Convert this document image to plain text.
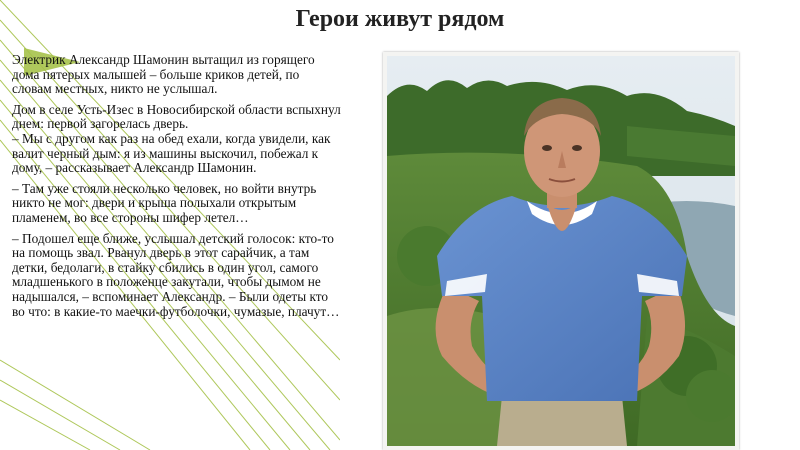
Герои живут рядом

Электрик Александр Шамонин вытащил из горящего дома пятерых малышей – больше криков детей, по словам местных, никто не услышал.

Дом в селе Усть-Изес в Новосибирской области вспыхнул днем: первой загорелась дверь.
– Мы с другом как раз на обед ехали, когда увидели, как валит черный дым: я из машины выскочил, побежал к дому, – рассказывает Александр Шамонин.

– Там уже стояли несколько человек, но войти внутрь никто не мог: двери и крыша полыхали открытым пламенем, во все стороны шифер летел…

– Подошел еще ближе, услышал детский голосок: кто-то на помощь звал. Рванул дверь в этот сарайчик, а там детки, бедолаги, в стайку сбились в один угол, самого младшенького в положенце закутали, чтобы дымом не надышался, – вспоминает Александр. – Были одеты кто во что: в какие-то маечки-футболочки, чумазые, плачут…
